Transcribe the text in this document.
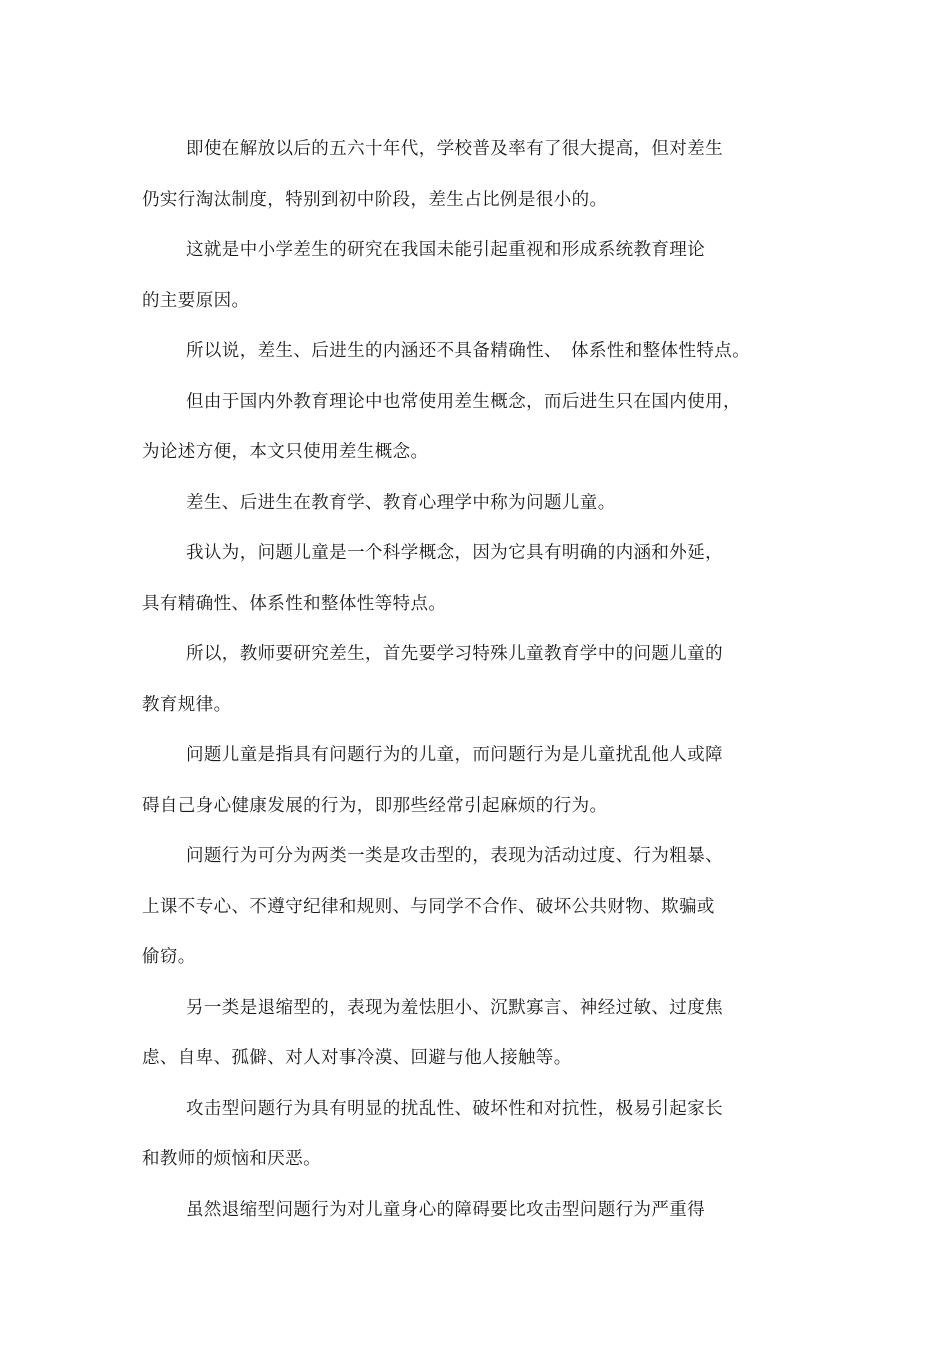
即使在解放以后的五六十年代，学校普及率有了很大提高，但对差生
仍实行淘汰制度，特别到初中阶段，差生占比例是很小的。

这就是中小学差生的研究在我国未能引起重视和形成系统教育理论
的主要原因。

所以说，差生、后进生的内涵还不具备精确性、　体系性和整体性特点。

但由于国内外教育理论中也常使用差生概念，而后进生只在国内使用，
为论述方便，本文只使用差生概念。

差生、后进生在教育学、教育心理学中称为问题儿童。

我认为，问题儿童是一个科学概念，因为它具有明确的内涵和外延，
具有精确性、体系性和整体性等特点。

所以，教师要研究差生，首先要学习特殊儿童教育学中的问题儿童的
教育规律。

问题儿童是指具有问题行为的儿童，而问题行为是儿童扰乱他人或障
碍自己身心健康发展的行为，即那些经常引起麻烦的行为。

问题行为可分为两类一类是攻击型的，表现为活动过度、行为粗暴、
上课不专心、不遵守纪律和规则、与同学不合作、破坏公共财物、欺骗或
偷窃。

另一类是退缩型的，表现为羞怯胆小、沉默寡言、神经过敏、过度焦
虑、自卑、孤僻、对人对事冷漠、回避与他人接触等。

攻击型问题行为具有明显的扰乱性、破坏性和对抗性，极易引起家长
和教师的烦恼和厌恶。

虽然退缩型问题行为对儿童身心的障碍要比攻击型问题行为严重得
